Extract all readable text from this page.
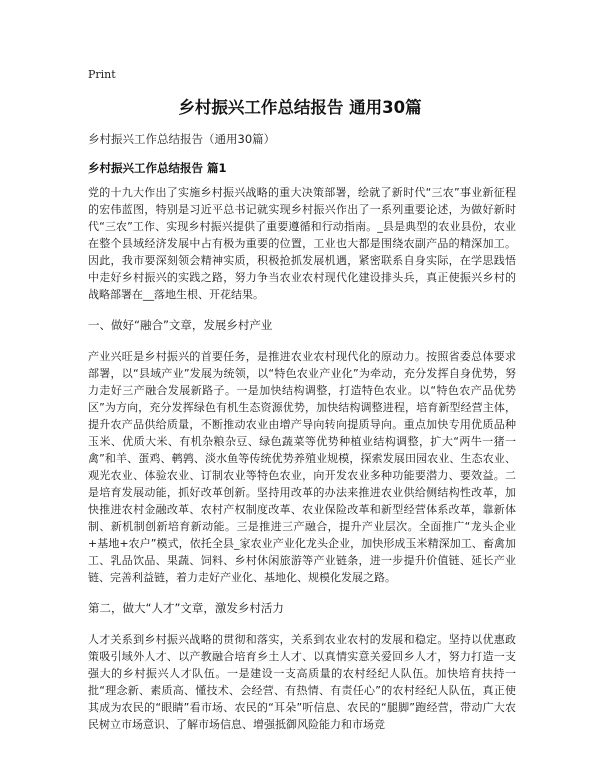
Print
乡村振兴工作总结报告 通用30篇
乡村振兴工作总结报告（通用30篇）
乡村振兴工作总结报告 篇1

党的十九大作出了实施乡村振兴战略的重大决策部署，绘就了新时代“三农”事业新征程的宏伟蓝图，特别是习近平总书记就实现乡村振兴作出了一系列重要论述，为做好新时代“三农”工作、实现乡村振兴提供了重要遵循和行动指南。_县是典型的农业县份，农业在整个县域经济发展中占有极为重要的位置，工业也大都是围绕农副产品的精深加工。因此，我市要深刻领会精神实质，积极抢抓发展机遇，紧密联系自身实际，在学思践悟中走好乡村振兴的实践之路，努力争当农业农村现代化建设排头兵，真正使振兴乡村的战略部署在__落地生根、开花结果。

一、做好“融合”文章，发展乡村产业

产业兴旺是乡村振兴的首要任务，是推进农业农村现代化的原动力。按照省委总体要求部署，以“县域产业”发展为统领，以“特色农业产业化”为牵动，充分发挥自身优势，努力走好三产融合发展新路子。一是加快结构调整，打造特色农业。以“特色农产品优势区”为方向，充分发挥绿色有机生态资源优势，加快结构调整进程，培育新型经营主体，提升农产品供给质量，不断推动农业由增产导向转向提质导向。重点加快专用优质品种玉米、优质大米、有机杂粮杂豆、绿色蔬菜等优势种植业结构调整，扩大“两牛一猪一禽”和羊、蛋鸡、鹌鹑、淡水鱼等传统优势养殖业规模，探索发展田园农业、生态农业、观光农业、体验农业、订制农业等特色农业，向开发农业多种功能要潜力、要效益。二是培育发展动能，抓好改革创新。坚持用改革的办法来推进农业供给侧结构性改革，加快推进农村金融改革、农村产权制度改革、农业保险改革和新型经营体系改革，靠新体制、新机制创新培育新动能。三是推进三产融合，提升产业层次。全面推广“龙头企业+基地+农户”模式，依托全县_家农业产业化龙头企业，加快形成玉米精深加工、畜禽加工、乳品饮品、果蔬、饲料、乡村休闲旅游等产业链条，进一步提升价值链、延长产业链、完善利益链，着力走好产业化、基地化、规模化发展之路。

第二，做大“人才”文章，激发乡村活力

人才关系到乡村振兴战略的贯彻和落实，关系到农业农村的发展和稳定。坚持以优惠政策吸引域外人才、以产教融合培育乡土人才、以真情实意关爱回乡人才，努力打造一支强大的乡村振兴人才队伍。一是建设一支高质量的农村经纪人队伍。加快培育扶持一批“理念新、素质高、懂技术、会经营、有热情、有责任心”的农村经纪人队伍，真正使其成为农民的“眼睛”看市场、农民的“耳朵”听信息、农民的“腿脚”跑经营，带动广大农民树立市场意识、了解市场信息、增强抵御风险能力和市场竞
